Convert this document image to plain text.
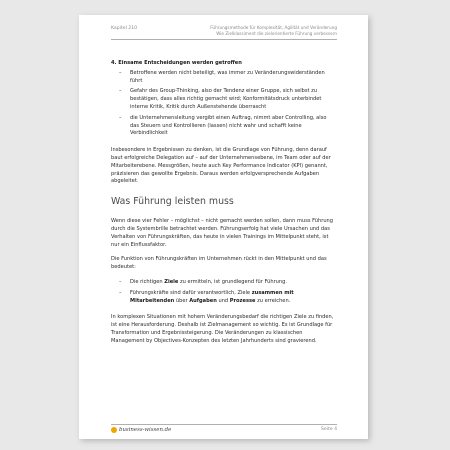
Kapitel 210	Führungsmethode für Komplexität, Agilität und Veränderung
Wie Zielklassiment die zielorientierte Führung verbessern
4. Einsame Entscheidungen werden getroffen
– Betroffene werden nicht beteiligt, was immer zu Veränderungswiderständen führt
– Gefahr des Group-Thinking, also der Tendenz einer Gruppe, sich selbst zu bestätigen, dass alles richtig gemacht wird; Konformitätsdruck unterbindet interne Kritik, Kritik durch Außenstehende überrascht
– die Unternehmensleitung vergibt einen Auftrag, nimmt aber Controlling, also das Steuern und Kontrollieren (lassen) nicht wahr und schafft keine Verbindlichkeit

Insbesondere in Ergebnissen zu denken, ist die Grundlage von Führung, denn darauf baut erfolgreiche Delegation auf – auf der Unternehmensebene, im Team oder auf der Mitarbeiterebene. Messgrößen, heute auch Key Performance Indicator (KPI) genannt, präzisieren das gewollte Ergebnis. Daraus werden erfolgversprechende Aufgaben abgeleitet.

Was Führung leisten muss

Wenn diese vier Fehler – möglichst – nicht gemacht werden sollen, dann muss Führung durch die Systembrille betrachtet werden. Führungserfolg hat viele Ursachen und das Verhalten von Führungskräften, das heute in vielen Trainings im Mittelpunkt steht, ist nur ein Einflussfaktor.

Die Funktion von Führungskräften im Unternehmen rückt in den Mittelpunkt und das bedeutet:

– Die richtigen Ziele zu ermitteln, ist grundlegend für Führung.
– Führungskräfte sind dafür verantwortlich, Ziele zusammen mit Mitarbeitenden über Aufgaben und Prozesse zu erreichen.

In komplexen Situationen mit hohem Veränderungsbedarf die richtigen Ziele zu finden, ist eine Herausforderung. Deshalb ist Zielmanagement so wichtig. Es ist Grundlage für Transformation und Ergebnissteigerung. Die Veränderungen zu klassischen Management by Objectives-Konzepten des letzten Jahrhunderts sind gravierend.

business-wissen.de	Seite 4
